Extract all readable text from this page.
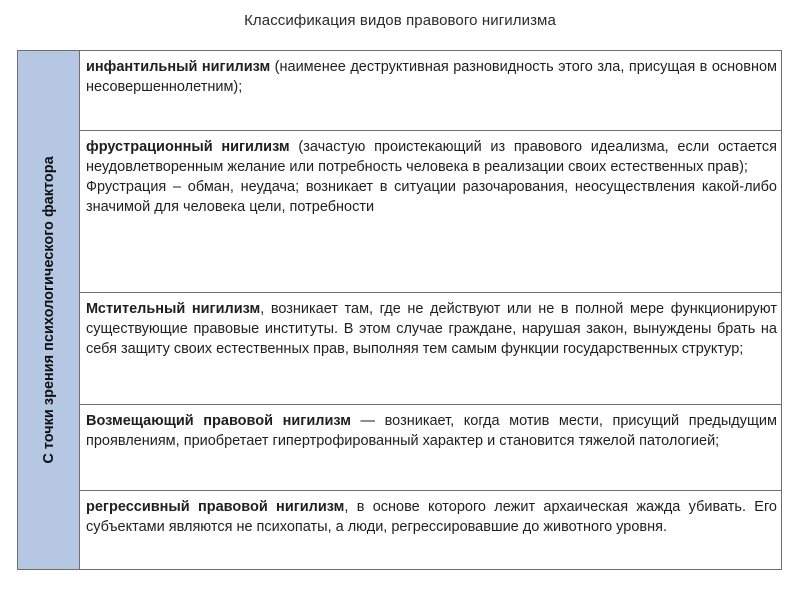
Классификация видов правового нигилизма
С точки зрения психологического фактора

инфантильный нигилизм (наименее деструктивная разновидность этого зла, присущая в основном несовершеннолетним);

фрустрационный нигилизм (зачастую проистекающий из правового идеализма, если остается неудовлетворенным желание или потребность человека в реализации своих естественных прав);

Фрустрация – обман, неудача; возникает в ситуации разочарования, неосуществления какой-либо значимой для человека цели, потребности

Мстительный нигилизм, возникает там, где не действуют или не в полной мере функционируют существующие правовые институты. В этом случае граждане, нарушая закон, вынуждены брать на себя защиту своих естественных прав, выполняя тем самым функции государственных структур;

Возмещающий правовой нигилизм — возникает, когда мотив мести, присущий предыдущим проявлениям, приобретает гипертрофированный характер и становится тяжелой патологией;

регрессивный правовой нигилизм, в основе которого лежит архаическая жажда убивать. Его субъектами являются не психопаты, а люди, регрессировавшие до животного уровня.
